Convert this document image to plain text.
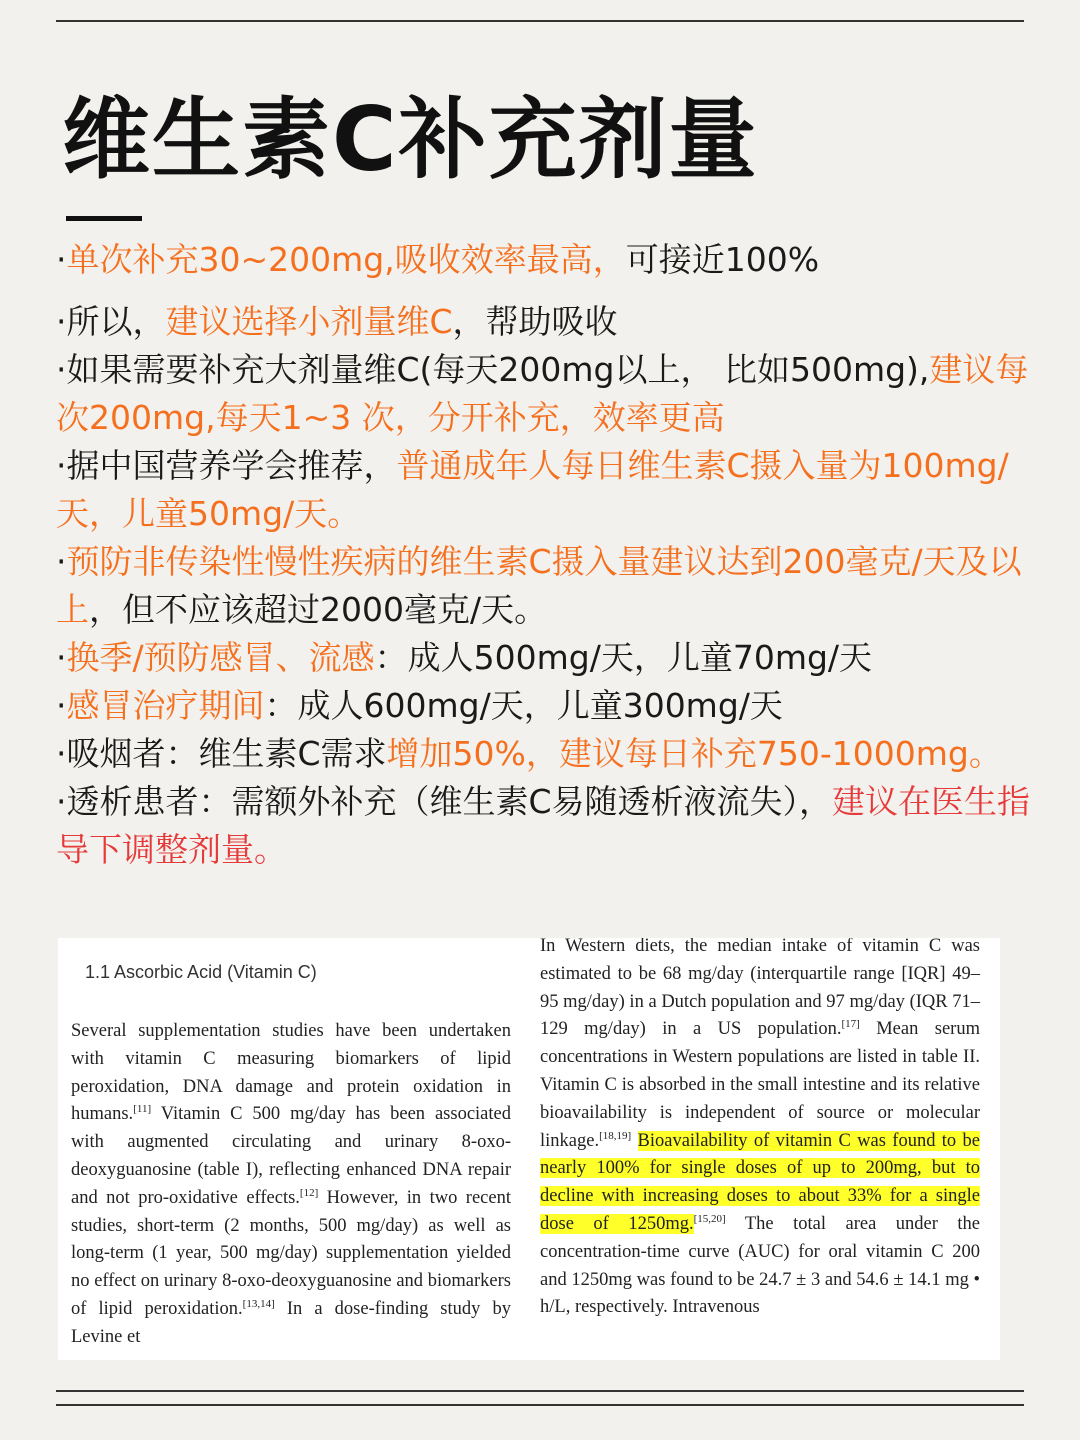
维生素C补充剂量
·单次补充30~200mg,吸收效率最高，可接近100%
·所以，建议选择小剂量维C，帮助吸收
·如果需要补充大剂量维C(每天200mg以上， 比如500mg),建议每次200mg,每天1~3 次，分开补充，效率更高
·据中国营养学会推荐，普通成年人每日维生素C摄入量为100mg/天，儿童50mg/天。
·预防非传染性慢性疾病的维生素C摄入量建议达到200毫克/天及以上，但不应该超过2000毫克/天。
·换季/预防感冒、流感：成人500mg/天，儿童70mg/天
·感冒治疗期间：成人600mg/天，儿童300mg/天
·吸烟者：维生素C需求增加50%，建议每日补充750-1000mg。
·透析患者：需额外补充（维生素C易随透析液流失），建议在医生指导下调整剂量。
1.1 Ascorbic Acid (Vitamin C)

Several supplementation studies have been undertaken with vitamin C measuring biomarkers of lipid peroxidation, DNA damage and protein oxidation in humans.[11] Vitamin C 500 mg/day has been associated with augmented circulating and urinary 8-oxo-deoxyguanosine (table I), reflecting enhanced DNA repair and not pro-oxidative effects.[12] However, in two recent studies, short-term (2 months, 500 mg/day) as well as long-term (1 year, 500 mg/day) supplementation yielded no effect on urinary 8-oxo-deoxyguanosine and biomarkers of lipid peroxidation.[13,14] In a dose-finding study by Levine et

In Western diets, the median intake of vitamin C was estimated to be 68 mg/day (interquartile range [IQR] 49–95 mg/day) in a Dutch population and 97 mg/day (IQR 71–129 mg/day) in a US population.[17] Mean serum concentrations in Western populations are listed in table II. Vitamin C is absorbed in the small intestine and its relative bioavailability is independent of source or molecular linkage.[18,19] Bioavailability of vitamin C was found to be nearly 100% for single doses of up to 200mg, but to decline with increasing doses to about 33% for a single dose of 1250mg.[15,20] The total area under the concentration-time curve (AUC) for oral vitamin C 200 and 1250mg was found to be 24.7 ± 3 and 54.6 ± 14.1 mg • h/L, respectively. Intravenous
